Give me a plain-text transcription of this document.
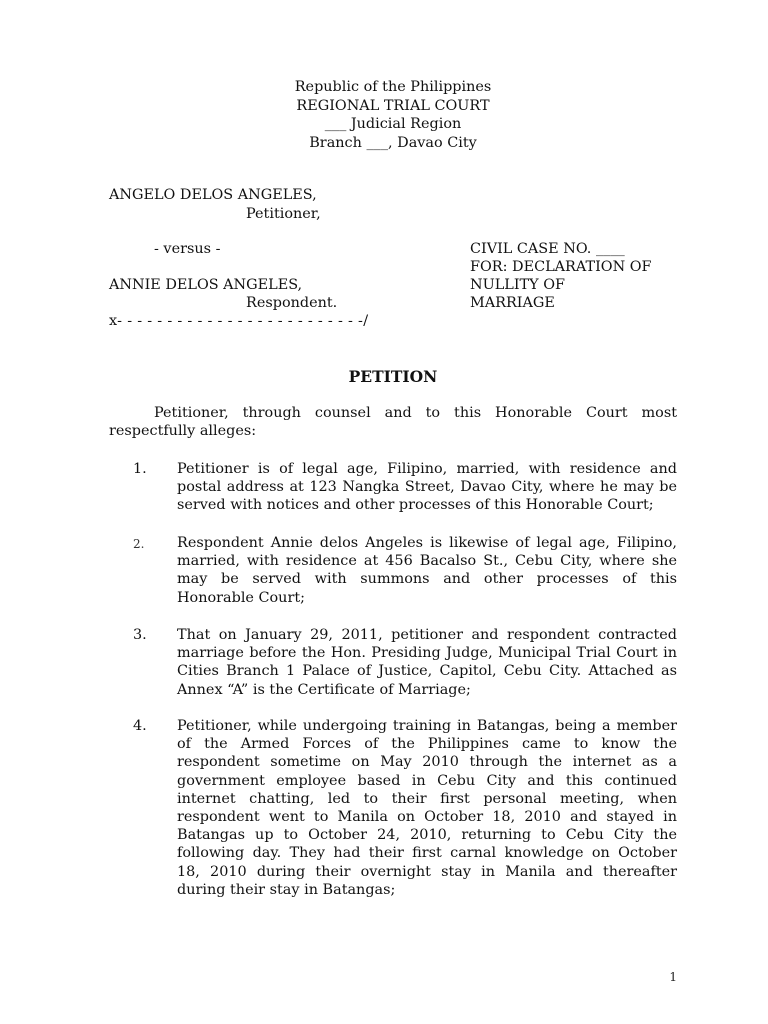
Republic of the Philippines
REGIONAL TRIAL COURT
___ Judicial Region
Branch ___, Davao City
ANGELO DELOS ANGELES,
Petitioner,
- versus -
ANNIE DELOS ANGELES,
Respondent.
x- - - - - - - - - - - - - - - - - - - - - - - - -/
CIVIL CASE NO. ____
FOR: DECLARATION OF
NULLITY OF
MARRIAGE
PETITION
Petitioner, through counsel and to this Honorable Court most
respectfully alleges:
1. Petitioner is of legal age, Filipino, married, with residence and
postal address at 123 Nangka Street, Davao City, where he may be
served with notices and other processes of this Honorable Court;
2. Respondent Annie delos Angeles is likewise of legal age, Filipino,
married, with residence at 456 Bacalso St., Cebu City, where she
may be served with summons and other processes of this
Honorable Court;
3. That on January 29, 2011, petitioner and respondent contracted
marriage before the Hon. Presiding Judge, Municipal Trial Court in
Cities Branch 1 Palace of Justice, Capitol, Cebu City. Attached as
Annex “A” is the Certificate of Marriage;
4. Petitioner, while undergoing training in Batangas, being a member
of the Armed Forces of the Philippines came to know the
respondent sometime on May 2010 through the internet as a
government employee based in Cebu City and this continued
internet chatting, led to their first personal meeting, when
respondent went to Manila on October 18, 2010 and stayed in
Batangas up to October 24, 2010, returning to Cebu City the
following day. They had their first carnal knowledge on October
18, 2010 during their overnight stay in Manila and thereafter
during their stay in Batangas;
1
